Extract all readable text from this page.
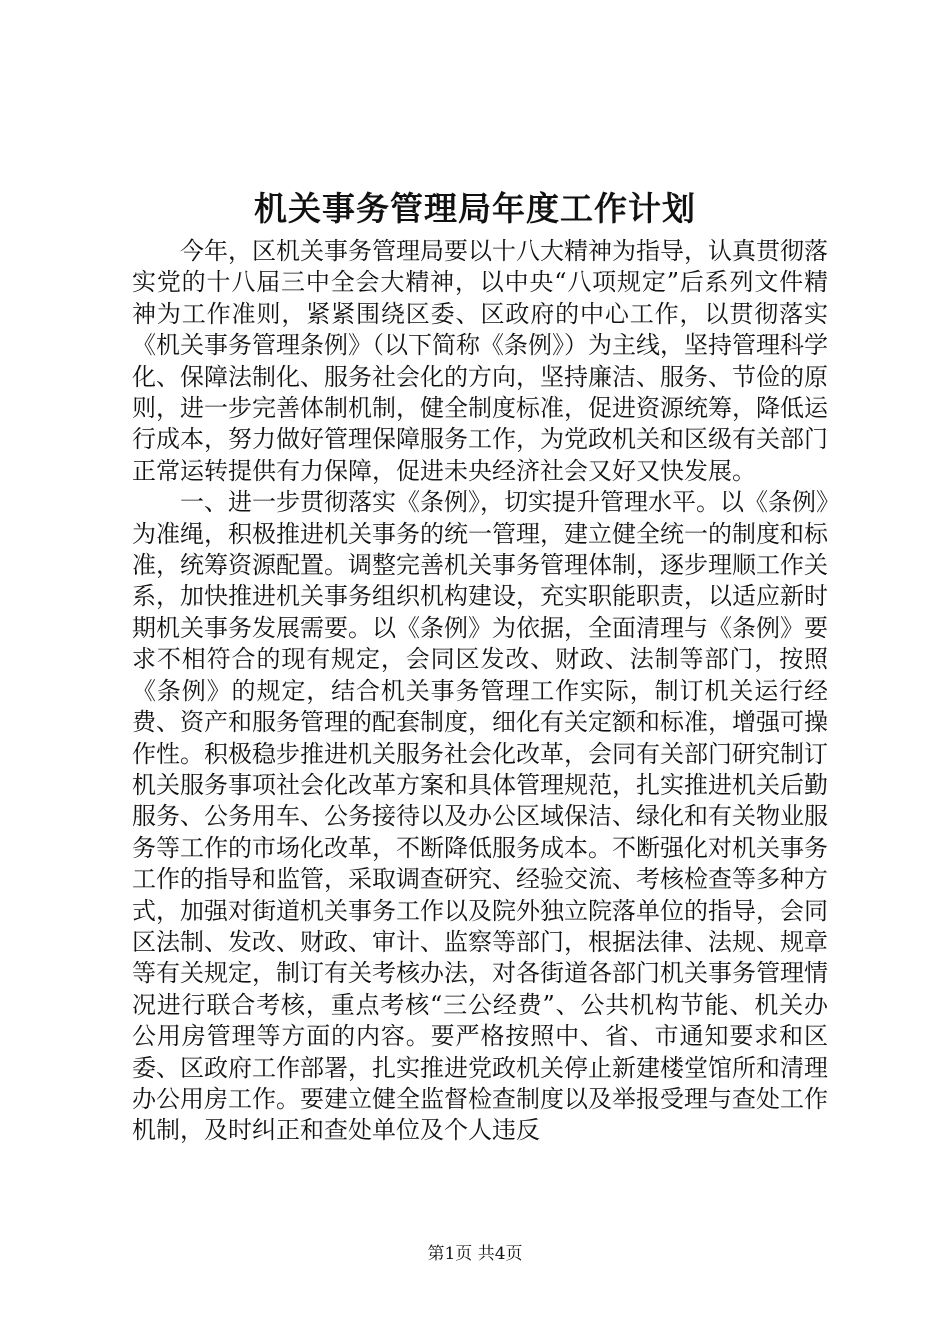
机关事务管理局年度工作计划

今年，区机关事务管理局要以十八大精神为指导，认真贯彻落实党的十八届三中全会大精神，以中央“八项规定”后系列文件精神为工作准则，紧紧围绕区委、区政府的中心工作，以贯彻落实《机关事务管理条例》（以下简称《条例》）为主线，坚持管理科学化、保障法制化、服务社会化的方向，坚持廉洁、服务、节俭的原则，进一步完善体制机制，健全制度标准，促进资源统筹，降低运行成本，努力做好管理保障服务工作，为党政机关和区级有关部门正常运转提供有力保障，促进未央经济社会又好又快发展。

一、进一步贯彻落实《条例》，切实提升管理水平。以《条例》为准绳，积极推进机关事务的统一管理，建立健全统一的制度和标准，统筹资源配置。调整完善机关事务管理体制，逐步理顺工作关系，加快推进机关事务组织机构建设，充实职能职责，以适应新时期机关事务发展需要。以《条例》为依据，全面清理与《条例》要求不相符合的现有规定，会同区发改、财政、法制等部门，按照《条例》的规定，结合机关事务管理工作实际，制订机关运行经费、资产和服务管理的配套制度，细化有关定额和标准，增强可操作性。积极稳步推进机关服务社会化改革，会同有关部门研究制订机关服务事项社会化改革方案和具体管理规范，扎实推进机关后勤服务、公务用车、公务接待以及办公区域保洁、绿化和有关物业服务等工作的市场化改革，不断降低服务成本。不断强化对机关事务工作的指导和监管，采取调查研究、经验交流、考核检查等多种方式，加强对街道机关事务工作以及院外独立院落单位的指导，会同区法制、发改、财政、审计、监察等部门，根据法律、法规、规章等有关规定，制订有关考核办法，对各街道各部门机关事务管理情况进行联合考核，重点考核“三公经费”、公共机构节能、机关办公用房管理等方面的内容。要严格按照中、省、市通知要求和区委、区政府工作部署，扎实推进党政机关停止新建楼堂馆所和清理办公用房工作。要建立健全监督检查制度以及举报受理与查处工作机制，及时纠正和查处单位及个人违反

第1页 共4页
